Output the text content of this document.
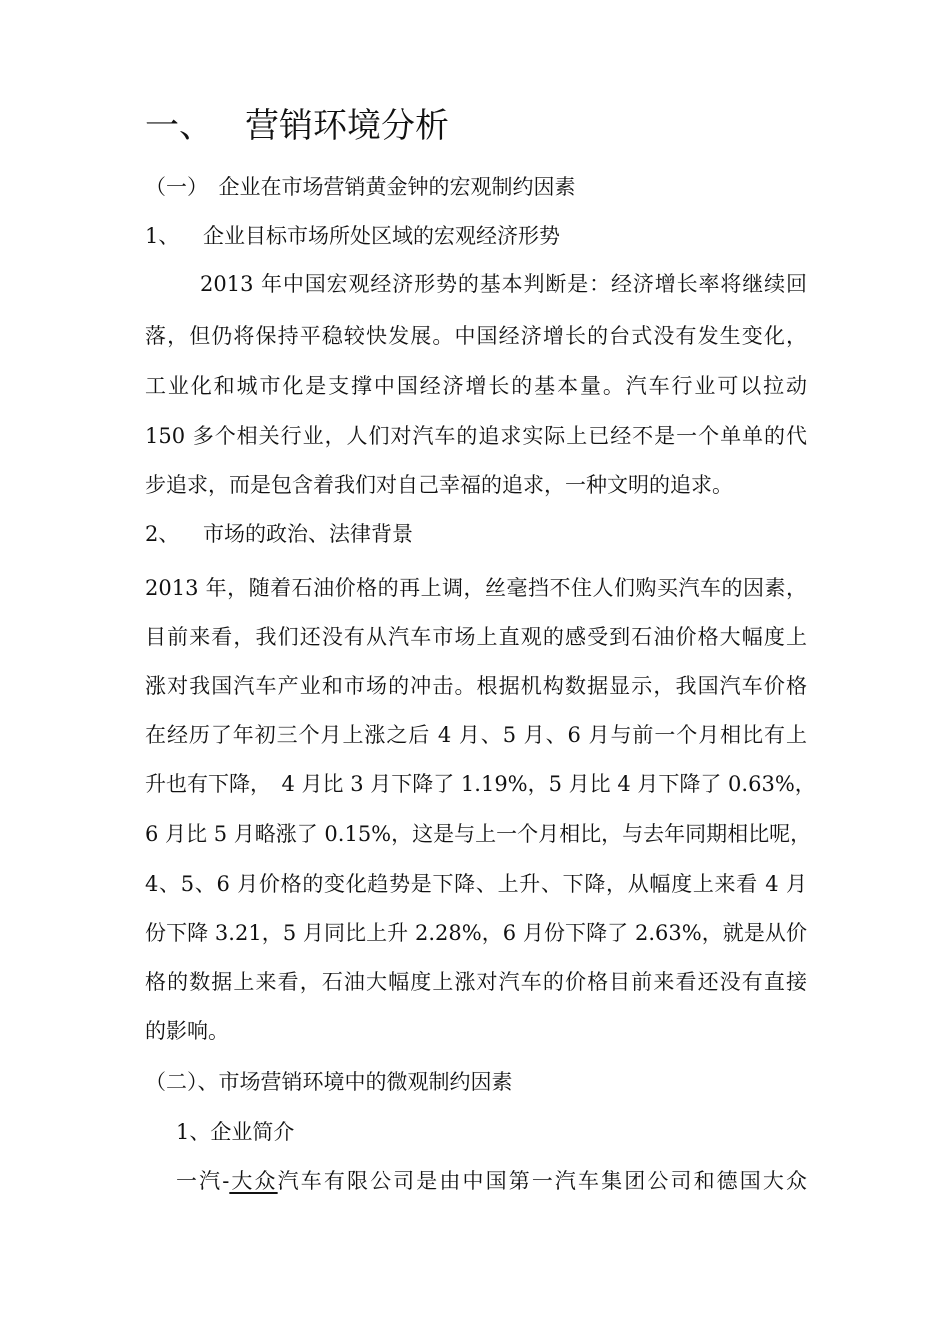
一、 营销环境分析
（一）　企业在市场营销黄金钟的宏观制约因素
1、 企业目标市场所处区域的宏观经济形势
2013 年中国宏观经济形势的基本判断是：经济增长率将继续回
落，但仍将保持平稳较快发展。中国经济增长的台式没有发生变化，
工业化和城市化是支撑中国经济增长的基本量。汽车行业可以拉动
150 多个相关行业，人们对汽车的追求实际上已经不是一个单单的代
步追求，而是包含着我们对自己幸福的追求，一种文明的追求。
2、 市场的政治、法律背景
2013 年，随着石油价格的再上调，丝毫挡不住人们购买汽车的因素，
目前来看，我们还没有从汽车市场上直观的感受到石油价格大幅度上
涨对我国汽车产业和市场的冲击。根据机构数据显示，我国汽车价格
在经历了年初三个月上涨之后 4 月、5 月、6 月与前一个月相比有上
升也有下降，　4 月比 3 月下降了 1.19%，5 月比 4 月下降了 0.63%，
6 月比 5 月略涨了 0.15%，这是与上一个月相比，与去年同期相比呢，
4、5、6 月价格的变化趋势是下降、上升、下降，从幅度上来看 4 月
份下降 3.21，5 月同比上升 2.28%，6 月份下降了 2.63%，就是从价
格的数据上来看，石油大幅度上涨对汽车的价格目前来看还没有直接
的影响。
（二）、市场营销环境中的微观制约因素
1、企业简介
一汽-大众汽车有限公司是由中国第一汽车集团公司和德国大众
